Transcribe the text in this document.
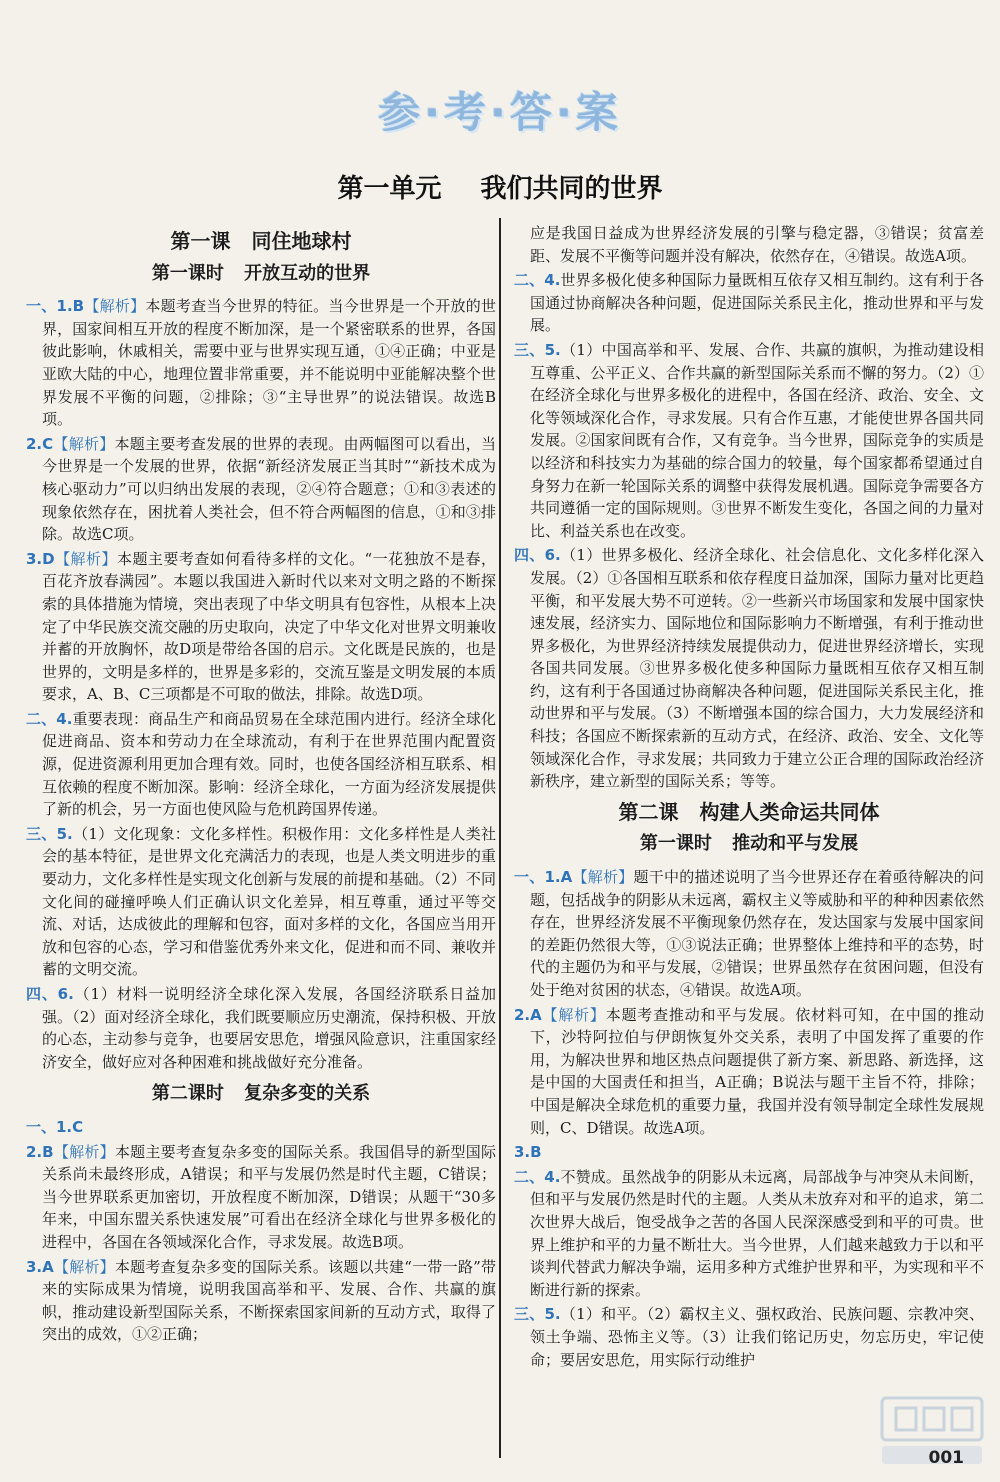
参·考·答·案
第一单元 我们共同的世界
第一课 同住地球村
第一课时 开放互动的世界

一、1.B【解析】本题考查当今世界的特征。当今世界是一个开放的世界，国家间相互开放的程度不断加深，是一个紧密联系的世界，各国彼此影响，休戚相关，需要中亚与世界实现互通，①④正确；中亚是亚欧大陆的中心，地理位置非常重要，并不能说明中亚能解决整个世界发展不平衡的问题，②排除；③“主导世界”的说法错误。故选B项。

2.C【解析】本题主要考查发展的世界的表现。由两幅图可以看出，当今世界是一个发展的世界，依据“新经济发展正当其时”“新技术成为核心驱动力”可以归纳出发展的表现，②④符合题意；①和③表述的现象依然存在，困扰着人类社会，但不符合两幅图的信息，①和③排除。故选C项。

3.D【解析】本题主要考查如何看待多样的文化。“一花独放不是春，百花齐放春满园”。本题以我国进入新时代以来对文明之路的不断探索的具体措施为情境，突出表现了中华文明具有包容性，从根本上决定了中华民族交流交融的历史取向，决定了中华文化对世界文明兼收并蓄的开放胸怀，故D项是带给各国的启示。文化既是民族的，也是世界的，文明是多样的，世界是多彩的，交流互鉴是文明发展的本质要求，A、B、C三项都是不可取的做法，排除。故选D项。

二、4.重要表现：商品生产和商品贸易在全球范围内进行。经济全球化促进商品、资本和劳动力在全球流动，有利于在世界范围内配置资源，促进资源利用更加合理有效。同时，也使各国经济相互联系、相互依赖的程度不断加深。影响：经济全球化，一方面为经济发展提供了新的机会，另一方面也使风险与危机跨国界传递。

三、5.（1）文化现象：文化多样性。积极作用：文化多样性是人类社会的基本特征，是世界文化充满活力的表现，也是人类文明进步的重要动力，文化多样性是实现文化创新与发展的前提和基础。（2）不同文化间的碰撞呼唤人们正确认识文化差异，相互尊重，通过平等交流、对话，达成彼此的理解和包容，面对多样的文化，各国应当用开放和包容的心态，学习和借鉴优秀外来文化，促进和而不同、兼收并蓄的文明交流。

四、6.（1）材料一说明经济全球化深入发展，各国经济联系日益加强。（2）面对经济全球化，我们既要顺应历史潮流，保持积极、开放的心态，主动参与竞争，也要居安思危，增强风险意识，注重国家经济安全，做好应对各种困难和挑战做好充分准备。

第二课时 复杂多变的关系

一、1.C

2.B【解析】本题主要考查复杂多变的国际关系。我国倡导的新型国际关系尚未最终形成，A错误；和平与发展仍然是时代主题，C错误；当今世界联系更加密切，开放程度不断加深，D错误；从题干“30多年来，中国东盟关系快速发展”可看出在经济全球化与世界多极化的进程中，各国在各领域深化合作，寻求发展。故选B项。

3.A【解析】本题考查复杂多变的国际关系。该题以共建“一带一路”带来的实际成果为情境，说明我国高举和平、发展、合作、共赢的旗帜，推动建设新型国际关系，不断探索国家间新的互动方式，取得了突出的成效，①②正确；

应是我国日益成为世界经济发展的引擎与稳定器，③错误；贫富差距、发展不平衡等问题并没有解决，依然存在，④错误。故选A项。

二、4.世界多极化使多种国际力量既相互依存又相互制约。这有利于各国通过协商解决各种问题，促进国际关系民主化，推动世界和平与发展。

三、5.（1）中国高举和平、发展、合作、共赢的旗帜，为推动建设相互尊重、公平正义、合作共赢的新型国际关系而不懈的努力。（2）①在经济全球化与世界多极化的进程中，各国在经济、政治、安全、文化等领域深化合作，寻求发展。只有合作互惠，才能使世界各国共同发展。②国家间既有合作，又有竞争。当今世界，国际竞争的实质是以经济和科技实力为基础的综合国力的较量，每个国家都希望通过自身努力在新一轮国际关系的调整中获得发展机遇。国际竞争需要各方共同遵循一定的国际规则。③世界不断发生变化，各国之间的力量对比、利益关系也在改变。

四、6.（1）世界多极化、经济全球化、社会信息化、文化多样化深入发展。（2）①各国相互联系和依存程度日益加深，国际力量对比更趋平衡，和平发展大势不可逆转。②一些新兴市场国家和发展中国家快速发展，经济实力、国际地位和国际影响力不断增强，有利于推动世界多极化，为世界经济持续发展提供动力，促进世界经济增长，实现各国共同发展。③世界多极化使多种国际力量既相互依存又相互制约，这有利于各国通过协商解决各种问题，促进国际关系民主化，推动世界和平与发展。（3）不断增强本国的综合国力，大力发展经济和科技；各国应不断探索新的互动方式，在经济、政治、安全、文化等领域深化合作，寻求发展；共同致力于建立公正合理的国际政治经济新秩序，建立新型的国际关系；等等。

第二课 构建人类命运共同体
第一课时 推动和平与发展

一、1.A【解析】题干中的描述说明了当今世界还存在着亟待解决的问题，包括战争的阴影从未远离，霸权主义等威胁和平的种种因素依然存在，世界经济发展不平衡现象仍然存在，发达国家与发展中国家间的差距仍然很大等，①③说法正确；世界整体上维持和平的态势，时代的主题仍为和平与发展，②错误；世界虽然存在贫困问题，但没有处于绝对贫困的状态，④错误。故选A项。

2.A【解析】本题考查推动和平与发展。依材料可知，在中国的推动下，沙特阿拉伯与伊朗恢复外交关系，表明了中国发挥了重要的作用，为解决世界和地区热点问题提供了新方案、新思路、新选择，这是中国的大国责任和担当，A正确；B说法与题干主旨不符，排除；中国是解决全球危机的重要力量，我国并没有领导制定全球性发展规则，C、D错误。故选A项。

3.B

二、4.不赞成。虽然战争的阴影从未远离，局部战争与冲突从未间断，但和平与发展仍然是时代的主题。人类从未放弃对和平的追求，第二次世界大战后，饱受战争之苦的各国人民深深感受到和平的可贵。世界上维护和平的力量不断壮大。当今世界，人们越来越致力于以和平谈判代替武力解决争端，运用多种方式维护世界和平，为实现和平不断进行新的探索。

三、5.（1）和平。（2）霸权主义、强权政治、民族问题、宗教冲突、领土争端、恐怖主义等。（3）让我们铭记历史，勿忘历史，牢记使命；要居安思危，用实际行动维护

001
